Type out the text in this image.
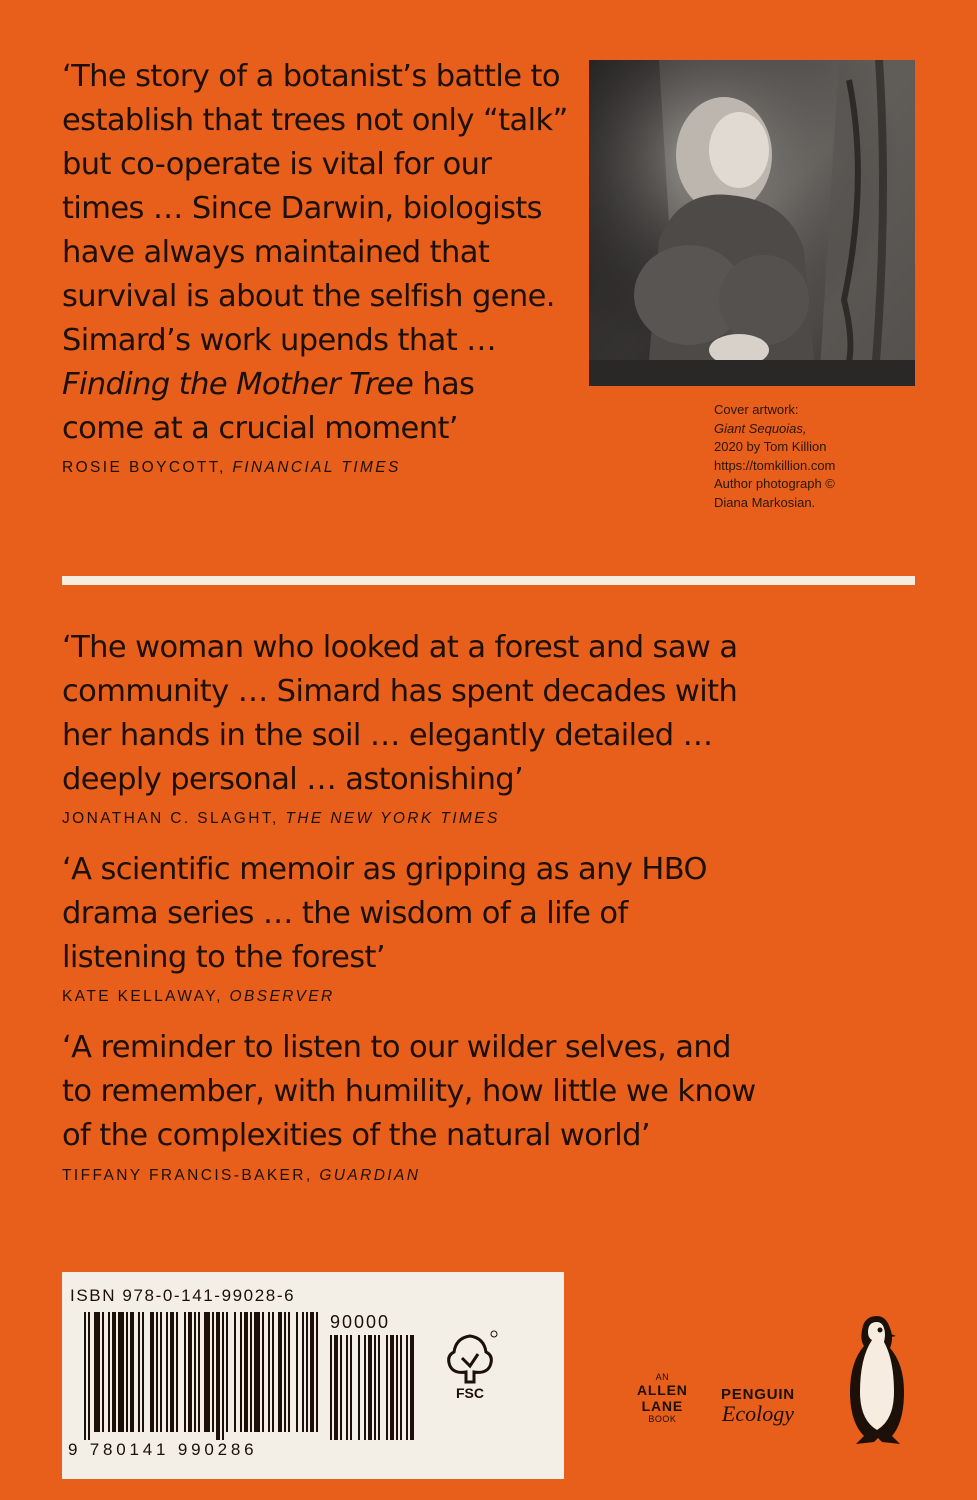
‘The story of a botanist’s battle to
establish that trees not only “talk”
but co-operate is vital for our
times … Since Darwin, biologists
have always maintained that
survival is about the selfish gene.
Simard’s work upends that …
Finding the Mother Tree has
come at a crucial moment’
ROSIE BOYCOTT, FINANCIAL TIMES
Cover artwork:
Giant Sequoias,
2020 by Tom Killion
https://tomkillion.com
Author photograph ©
Diana Markosian.
‘The woman who looked at a forest and saw a
community … Simard has spent decades with
her hands in the soil … elegantly detailed …
deeply personal … astonishing’
JONATHAN C. SLAGHT, THE NEW YORK TIMES
‘A scientific memoir as gripping as any HBO
drama series … the wisdom of a life of
listening to the forest’
KATE KELLAWAY, OBSERVER
‘A reminder to listen to our wilder selves, and
to remember, with humility, how little we know
of the complexities of the natural world’
TIFFANY FRANCIS-BAKER, GUARDIAN
ISBN 978-0-141-99028-6
90000
9 780141 990286
FSC
AN
ALLEN
LANE
BOOK
PENGUIN
Ecology
